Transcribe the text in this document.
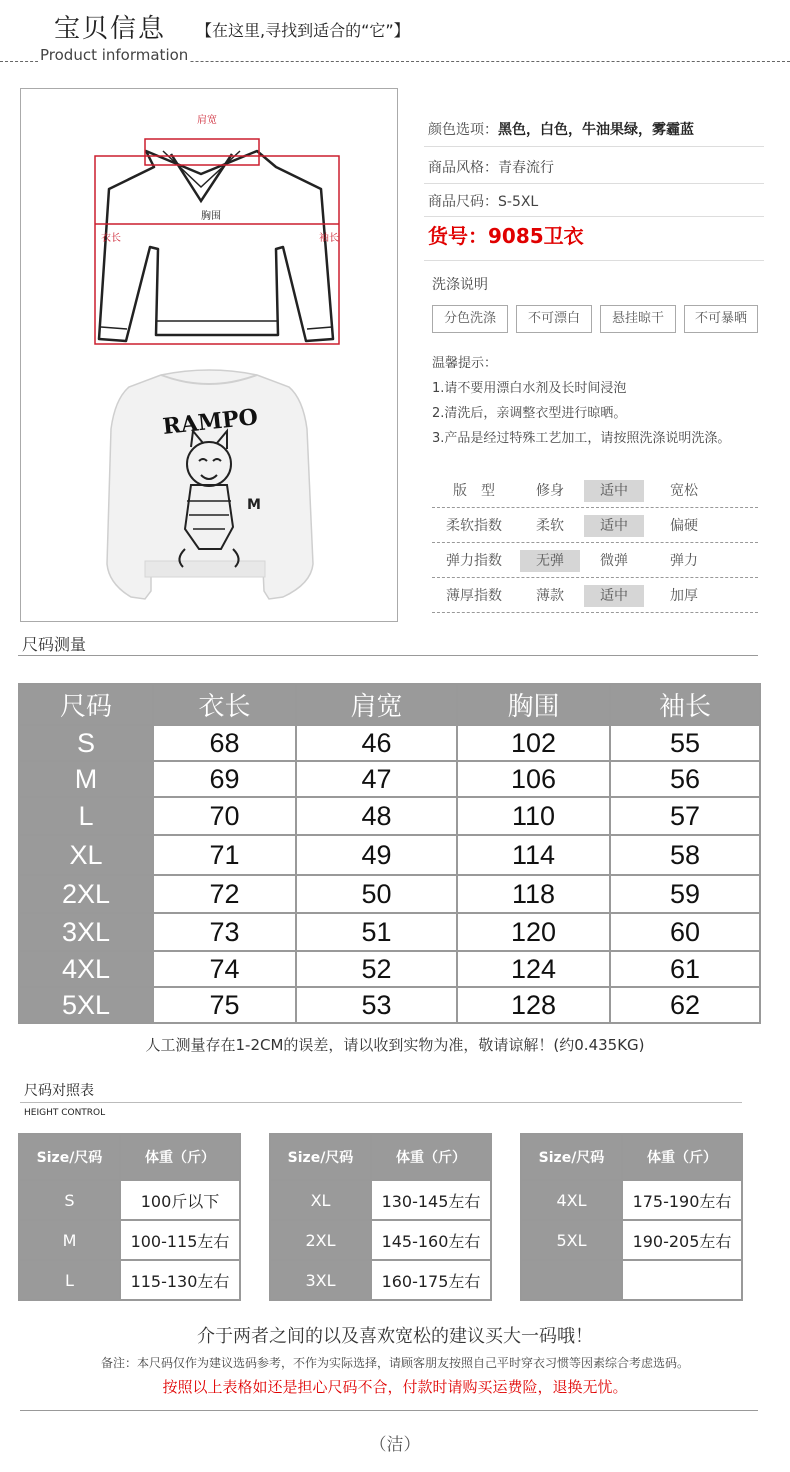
宝贝信息 【在这里,寻找到适合的“它”】
Product information
肩宽
胸围
衣长	袖长
RAMPO
M
颜色选项：黑色，白色，牛油果绿，雾霾蓝
商品风格：青春流行
商品尺码：S-5XL
货号：9085卫衣
洗涤说明
分色洗涤	不可漂白	悬挂晾干	不可暴晒
温馨提示：
1.请不要用漂白水剂及长时间浸泡
2.清洗后，亲调整衣型进行晾晒。
3.产品是经过特殊工艺加工，请按照洗涤说明洗涤。
版　型	修身	适中	宽松
柔软指数	柔软	适中	偏硬
弹力指数	无弹	微弹	弹力
薄厚指数	薄款	适中	加厚
尺码测量
尺码	衣长	肩宽	胸围	袖长
S	68	46	102	55
M	69	47	106	56
L	70	48	110	57
XL	71	49	114	58
2XL	72	50	118	59
3XL	73	51	120	60
4XL	74	52	124	61
5XL	75	53	128	62
人工测量存在1-2CM的误差，请以收到实物为准，敬请谅解！(约0.435KG)
尺码对照表
HEIGHT CONTROL
Size/尺码	体重（斤）
S	100斤以下
M	100-115左右
L	115-130左右
Size/尺码	体重（斤）
XL	130-145左右
2XL	145-160左右
3XL	160-175左右
Size/尺码	体重（斤）
4XL	175-190左右
5XL	190-205左右

介于两者之间的以及喜欢宽松的建议买大一码哦！
备注：本尺码仅作为建议选码参考，不作为实际选择，请顾客朋友按照自己平时穿衣习惯等因素综合考虑选码。
按照以上表格如还是担心尺码不合，付款时请购买运费险，退换无忧。
（洁）
